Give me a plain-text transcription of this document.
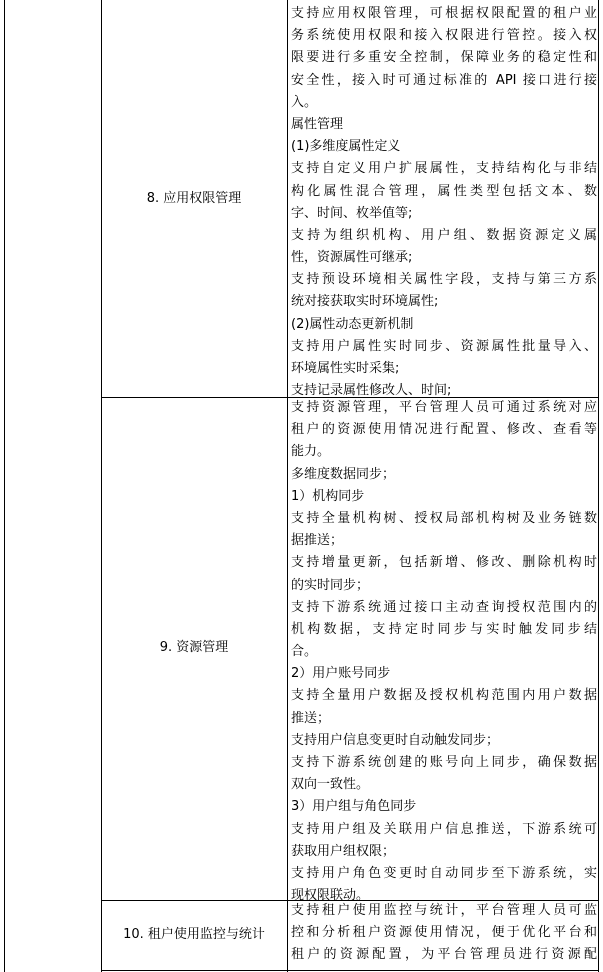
8. 应用权限管理
支持应用权限管理，可根据权限配置的租户业
务系统使用权限和接入权限进行管控。接入权
限要进行多重安全控制，保障业务的稳定性和
安全性，接入时可通过标准的 API 接口进行接
入。
属性管理
(1)多维度属性定义
支持自定义用户扩展属性，支持结构化与非结
构化属性混合管理，属性类型包括文本、数
字、时间、枚举值等;
支持为组织机构、用户组、数据资源定义属
性，资源属性可继承;
支持预设环境相关属性字段，支持与第三方系
统对接获取实时环境属性;
(2)属性动态更新机制
支持用户属性实时同步、资源属性批量导入、
环境属性实时采集;
支持记录属性修改人、时间;
9. 资源管理
支持资源管理，平台管理人员可通过系统对应
租户的资源使用情况进行配置、修改、查看等
能力。
多维度数据同步；
1）机构同步
支持全量机构树、授权局部机构树及业务链数
据推送；
支持增量更新，包括新增、修改、删除机构时
的实时同步；
支持下游系统通过接口主动查询授权范围内的
机构数据，支持定时同步与实时触发同步结
合。
2）用户账号同步
支持全量用户数据及授权机构范围内用户数据
推送；
支持用户信息变更时自动触发同步；
支持下游系统创建的账号向上同步，确保数据
双向一致性。
3）用户组与角色同步
支持用户组及关联用户信息推送，下游系统可
获取用户组权限；
支持用户角色变更时自动同步至下游系统，实
现权限联动。
10. 租户使用监控与统计
支持租户使用监控与统计，平台管理人员可监
控和分析租户资源使用情况，便于优化平台和
租户的资源配置，为平台管理员进行资源配
